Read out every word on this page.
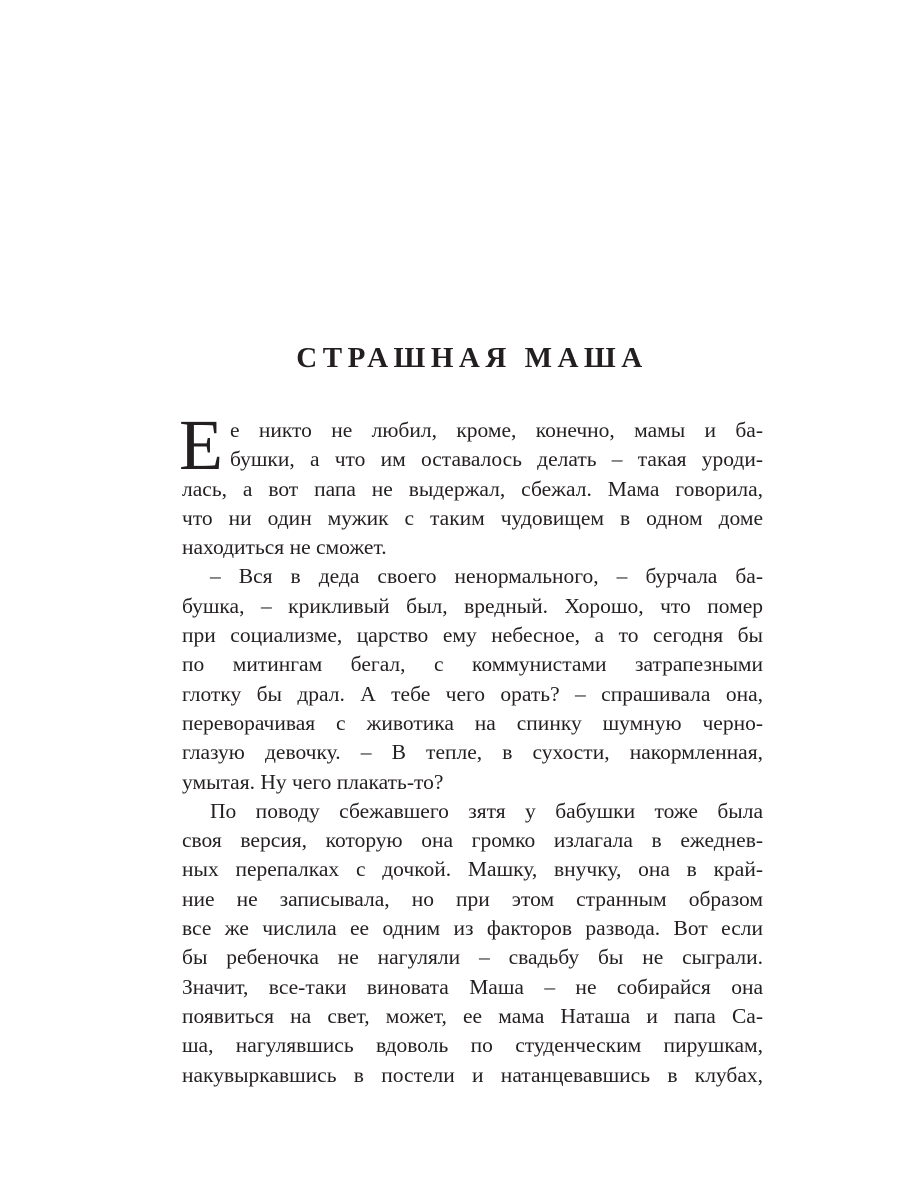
СТРАШНАЯ МАША
Е е никто не любил, кроме, конечно, мамы и ба-
бушки, а что им оставалось делать – такая уроди-
лась, а вот папа не выдержал, сбежал. Мама говорила,
что ни один мужик с таким чудовищем в одном доме
находиться не сможет.
– Вся в деда своего ненормального, – бурчала ба-
бушка, – крикливый был, вредный. Хорошо, что помер
при социализме, царство ему небесное, а то сегодня бы
по митингам бегал, с коммунистами затрапезными
глотку бы драл. А тебе чего орать? – спрашивала она,
переворачивая с животика на спинку шумную черно-
глазую девочку. – В тепле, в сухости, накормленная,
умытая. Ну чего плакать-то?
По поводу сбежавшего зятя у бабушки тоже была
своя версия, которую она громко излагала в ежеднев-
ных перепалках с дочкой. Машку, внучку, она в край-
ние не записывала, но при этом странным образом
все же числила ее одним из факторов развода. Вот если
бы ребеночка не нагуляли – свадьбу бы не сыграли.
Значит, все-таки виновата Маша – не собирайся она
появиться на свет, может, ее мама Наташа и папа Са-
ша, нагулявшись вдоволь по студенческим пирушкам,
накувыркавшись в постели и натанцевавшись в клубах,
